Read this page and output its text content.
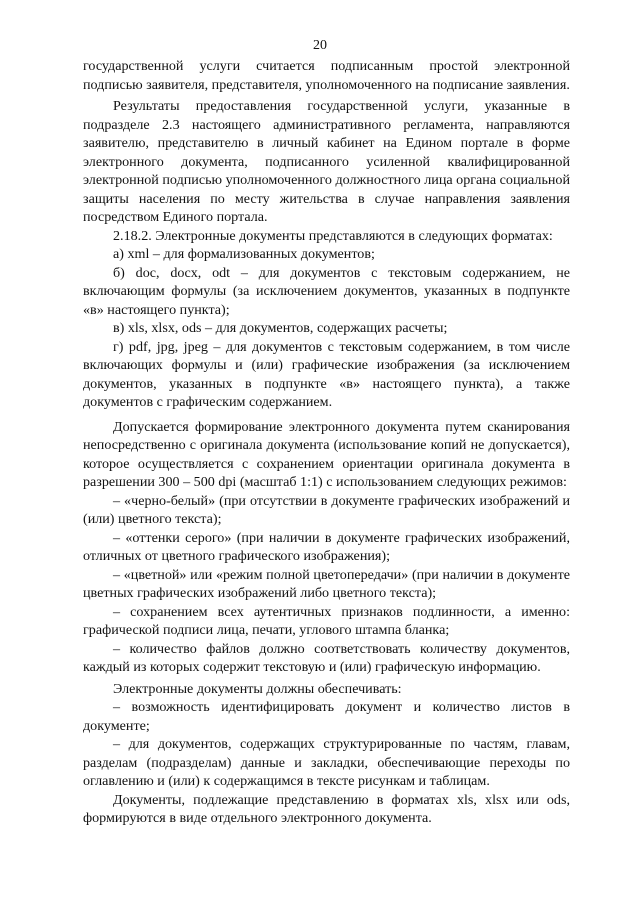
20

государственной услуги считается подписанным простой электронной подписью заявителя, представителя, уполномоченного на подписание заявления.

Результаты предоставления государственной услуги, указанные в подразделе 2.3 настоящего административного регламента, направляются заявителю, представителю в личный кабинет на Едином портале в форме электронного документа, подписанного усиленной квалифицированной электронной подписью уполномоченного должностного лица органа социальной защиты населения по месту жительства в случае направления заявления посредством Единого портала.

2.18.2. Электронные документы представляются в следующих форматах:

а) xml – для формализованных документов;

б) doc, docx, odt – для документов с текстовым содержанием, не включающим формулы (за исключением документов, указанных в подпункте «в» настоящего пункта);

в) xls, xlsx, ods – для документов, содержащих расчеты;

г) pdf, jpg, jpeg – для документов с текстовым содержанием, в том числе включающих формулы и (или) графические изображения (за исключением документов, указанных в подпункте «в» настоящего пункта), а также документов с графическим содержанием.

Допускается формирование электронного документа путем сканирования непосредственно с оригинала документа (использование копий не допускается), которое осуществляется с сохранением ориентации оригинала документа в разрешении 300 – 500 dpi (масштаб 1:1) с использованием следующих режимов:

– «черно-белый» (при отсутствии в документе графических изображений и (или) цветного текста);

– «оттенки серого» (при наличии в документе графических изображений, отличных от цветного графического изображения);

– «цветной» или «режим полной цветопередачи» (при наличии в документе цветных графических изображений либо цветного текста);

– сохранением всех аутентичных признаков подлинности, а именно: графической подписи лица, печати, углового штампа бланка;

– количество файлов должно соответствовать количеству документов, каждый из которых содержит текстовую и (или) графическую информацию.

Электронные документы должны обеспечивать:

– возможность идентифицировать документ и количество листов в документе;

– для документов, содержащих структурированные по частям, главам, разделам (подразделам) данные и закладки, обеспечивающие переходы по оглавлению и (или) к содержащимся в тексте рисункам и таблицам.

Документы, подлежащие представлению в форматах xls, xlsx или ods, формируются в виде отдельного электронного документа.
